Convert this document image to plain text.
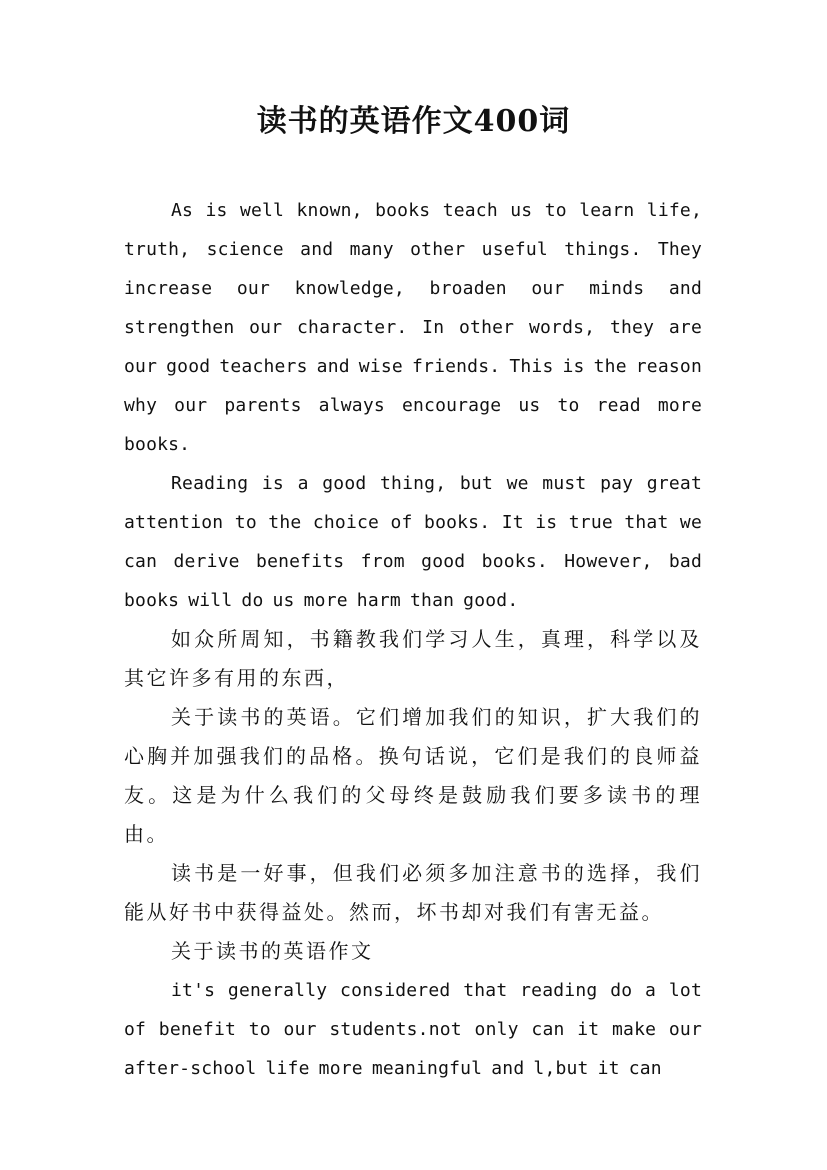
读书的英语作文400词

As is well known, books teach us to learn life, truth, science and many other useful things. They increase our knowledge, broaden our minds and strengthen our character. In other words, they are our good teachers and wise friends. This is the reason why our parents always encourage us to read more books.

Reading is a good thing, but we must pay great attention to the choice of books. It is true that we can derive benefits from good books. However, bad books will do us more harm than good.

如众所周知，书籍教我们学习人生，真理，科学以及其它许多有用的东西，

关于读书的英语。它们增加我们的知识，扩大我们的心胸并加强我们的品格。换句话说，它们是我们的良师益友。这是为什么我们的父母终是鼓励我们要多读书的理由。

读书是一好事，但我们必须多加注意书的选择，我们能从好书中获得益处。然而，坏书却对我们有害无益。

关于读书的英语作文

it's generally considered that reading do a lot of benefit to our students.not only can it make our after-school life more meaningful and l,but it can
